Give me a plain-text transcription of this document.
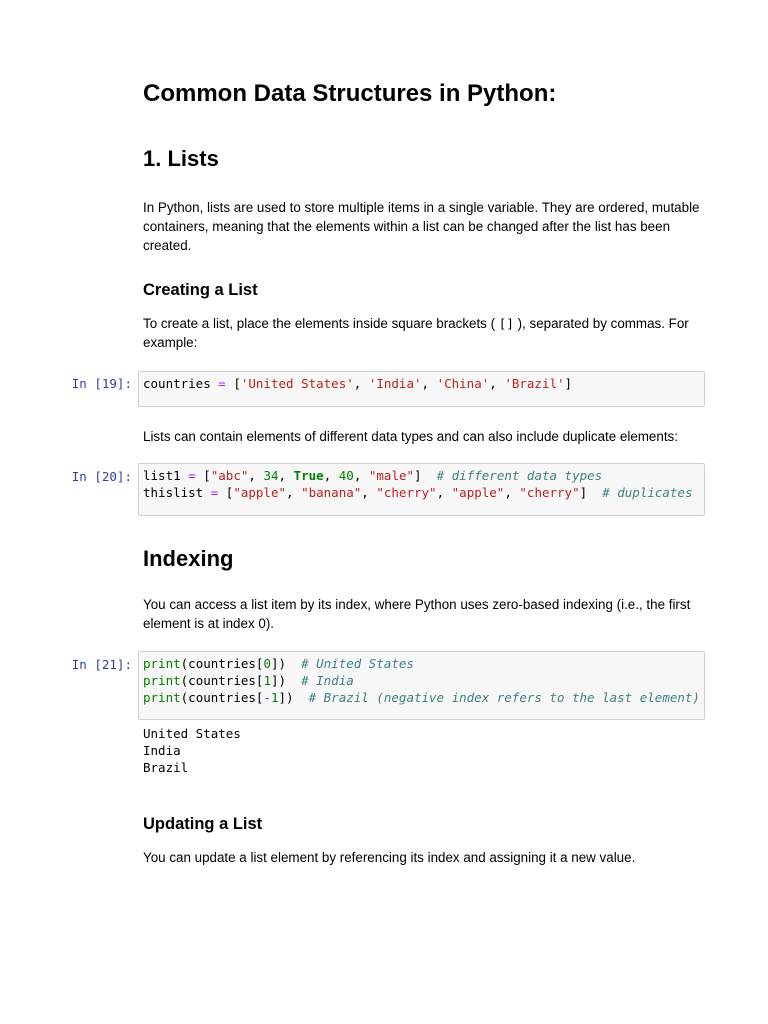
Common Data Structures in Python:
1. Lists

In Python, lists are used to store multiple items in a single variable. They are ordered, mutable containers, meaning that the elements within a list can be changed after the list has been created.

Creating a List

To create a list, place the elements inside square brackets ( [] ), separated by commas. For example:

In [19]: countries = ['United States', 'India', 'China', 'Brazil']

Lists can contain elements of different data types and can also include duplicate elements:

In [20]: list1 = ["abc", 34, True, 40, "male"]  # different data types
thislist = ["apple", "banana", "cherry", "apple", "cherry"]  # duplicates
Indexing

You can access a list item by its index, where Python uses zero-based indexing (i.e., the first element is at index 0).

In [21]: print(countries[0])  # United States
print(countries[1])  # India
print(countries[-1])  # Brazil (negative index refers to the last element)
United States
India
Brazil
Updating a List

You can update a list element by referencing its index and assigning it a new value.
